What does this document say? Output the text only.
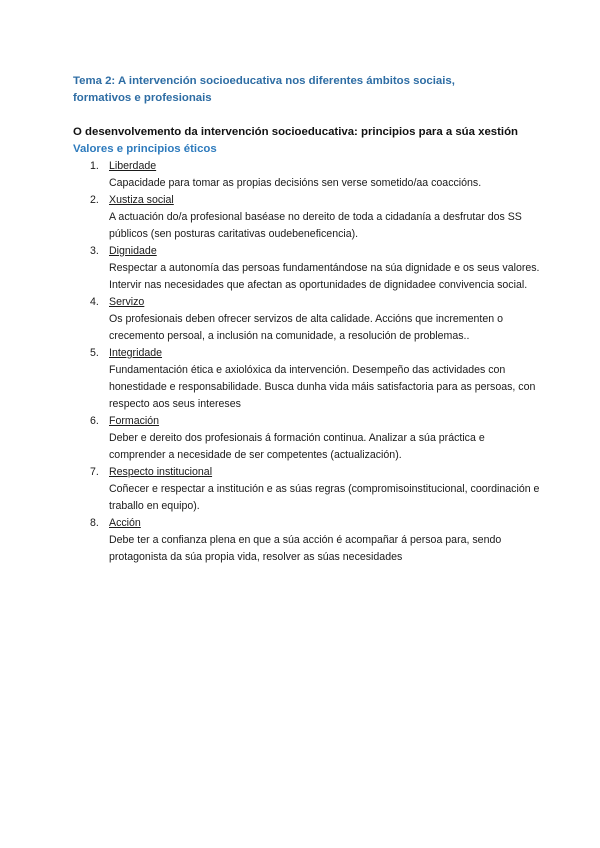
Tema 2: A intervención socioeducativa nos diferentes ámbitos sociais, formativos e profesionais
O desenvolvemento da intervención socioeducativa: principios para a súa xestión
Valores e principios éticos
1. Liberdade
Capacidade para tomar as propias decisións sen verse sometido/aa coaccións.
2. Xustiza social
A actuación do/a profesional baséase no dereito de toda a cidadanía a desfrutar dos SS públicos (sen posturas caritativas oudebeneficencia).
3. Dignidade
Respectar a autonomía das persoas fundamentándose na súa dignidade e os seus valores. Intervir nas necesidades que afectan as oportunidades de dignidadee convivencia social.
4. Servizo
Os profesionais deben ofrecer servizos de alta calidade. Accións que incrementen o crecemento persoal, a inclusión na comunidade, a resolución de problemas..
5. Integridade
Fundamentación ética e axiolóxica da intervención. Desempeño das actividades con honestidade e responsabilidade. Busca dunha vida máis satisfactoria para as persoas, con respecto aos seus intereses
6. Formación
Deber e dereito dos profesionais á formación continua. Analizar a súa práctica e comprender a necesidade de ser competentes (actualización).
7. Respecto institucional
Coñecer e respectar a institución e as súas regras (compromisoinstitucional, coordinación e traballo en equipo).
8. Acción
Debe ter a confianza plena en que a súa acción é acompañar á persoa para, sendo protagonista da súa propia vida, resolver as súas necesidades
